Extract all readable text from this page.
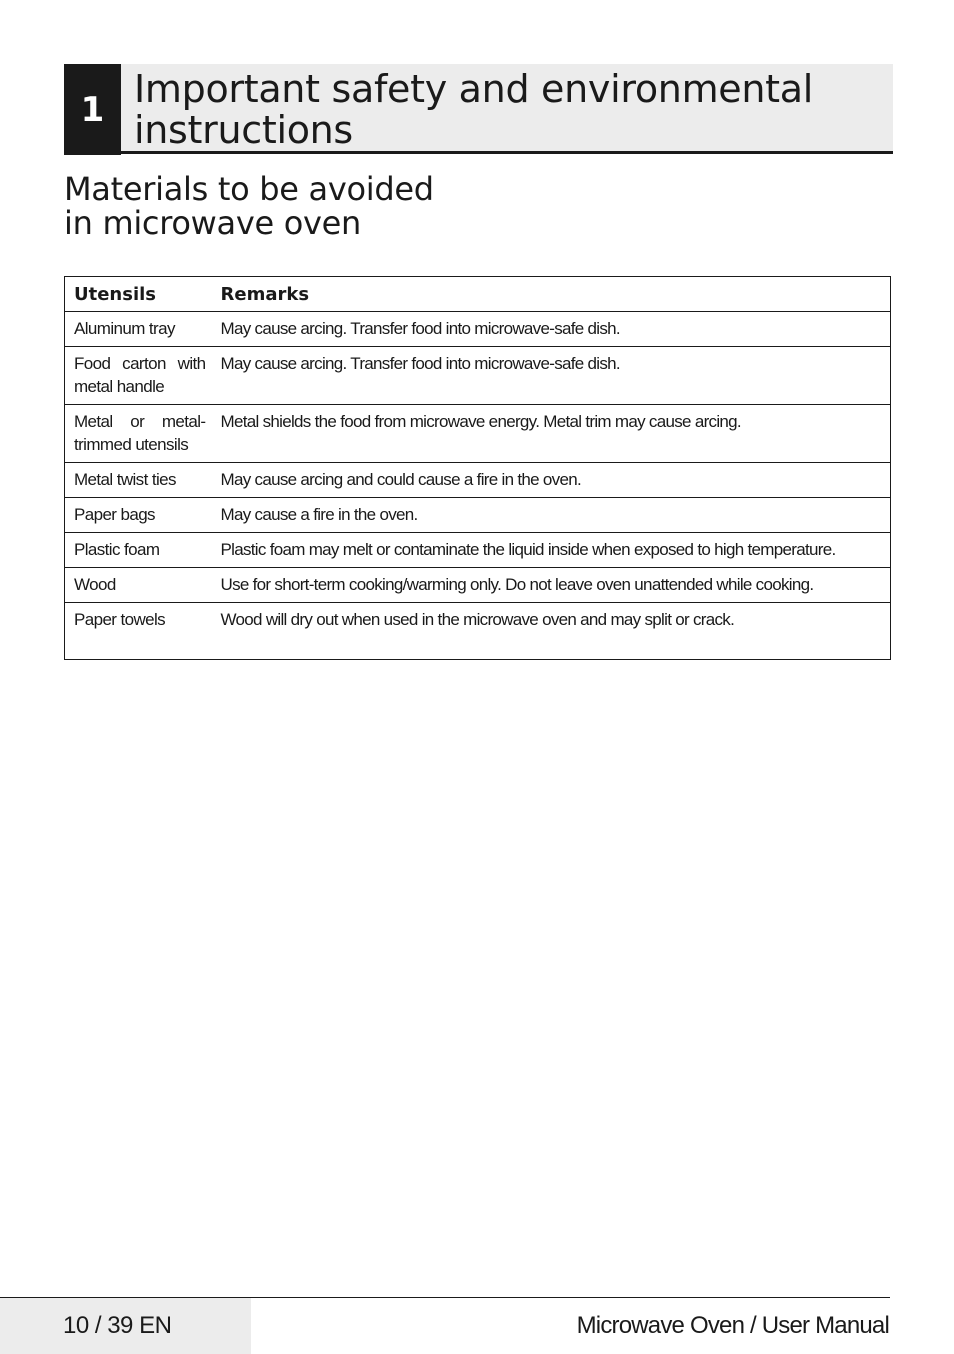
1 Important safety and environmental instructions
Materials to be avoided
in microwave oven
Utensils	Remarks

Aluminum tray	May cause arcing. Transfer food into microwave-safe dish.

Food carton with metal handle	May cause arcing. Transfer food into microwave-safe dish.

Metal or metal-trimmed utensils	Metal shields the food from microwave energy. Metal trim may cause arcing.

Metal twist ties	May cause arcing and could cause a fire in the oven.

Paper bags	May cause a fire in the oven.

Plastic foam	Plastic foam may melt or contaminate the liquid inside when exposed to high temperature.

Wood	Use for short-term cooking/warming only. Do not leave oven unattended while cooking.

Paper towels	Wood will dry out when used in the microwave oven and may split or crack.
10 / 39 EN	Microwave Oven / User Manual
